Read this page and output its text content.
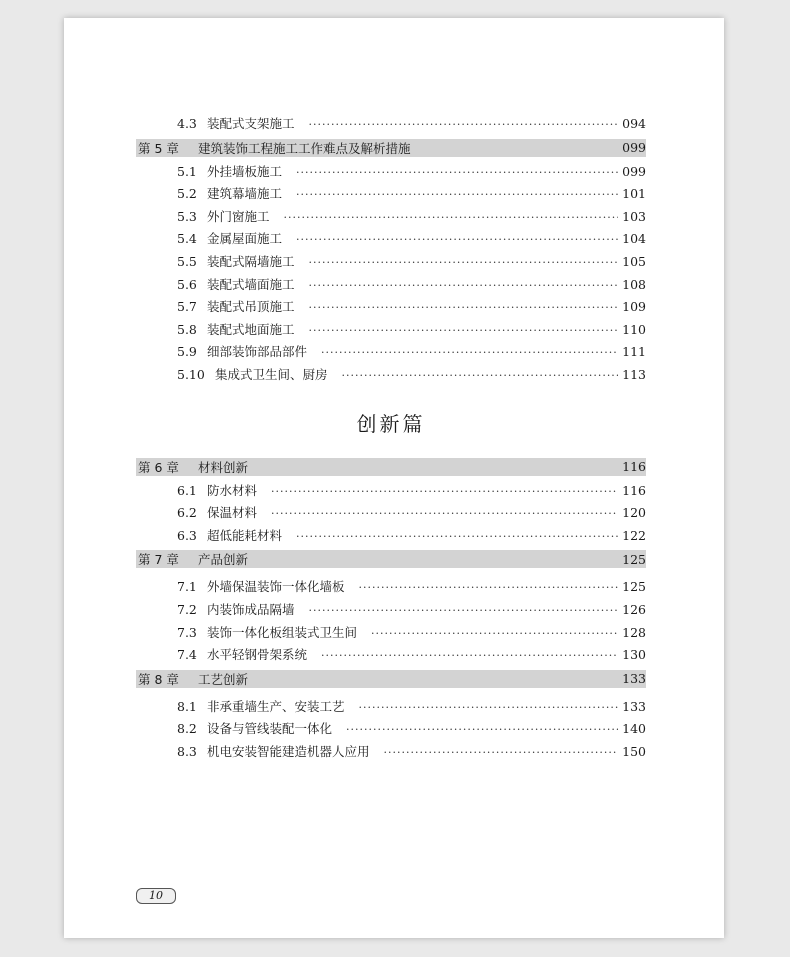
4.3 装配式支架施工 ·····	094
第 5 章	建筑装饰工程施工工作难点及解析措施	099
5.1 外挂墙板施工 ·····	099
5.2 建筑幕墙施工 ·····	101
5.3 外门窗施工 ·····	103
5.4 金属屋面施工 ·····	104
5.5 装配式隔墙施工 ·····	105
5.6 装配式墙面施工 ·····	108
5.7 装配式吊顶施工 ·····	109
5.8 装配式地面施工 ·····	110
5.9 细部装饰部品部件 ·····	111
5.10 集成式卫生间、厨房 ·····	113
创新篇
第 6 章	材料创新	116
6.1 防水材料 ·····	116
6.2 保温材料 ·····	120
6.3 超低能耗材料 ·····	122
第 7 章	产品创新	125
7.1 外墙保温装饰一体化墙板 ·····	125
7.2 内装饰成品隔墙 ·····	126
7.3 装饰一体化板组装式卫生间 ·····	128
7.4 水平轻钢骨架系统 ·····	130
第 8 章	工艺创新	133
8.1 非承重墙生产、安装工艺 ·····	133
8.2 设备与管线装配一体化 ·····	140
8.3 机电安装智能建造机器人应用 ·····	150
10
